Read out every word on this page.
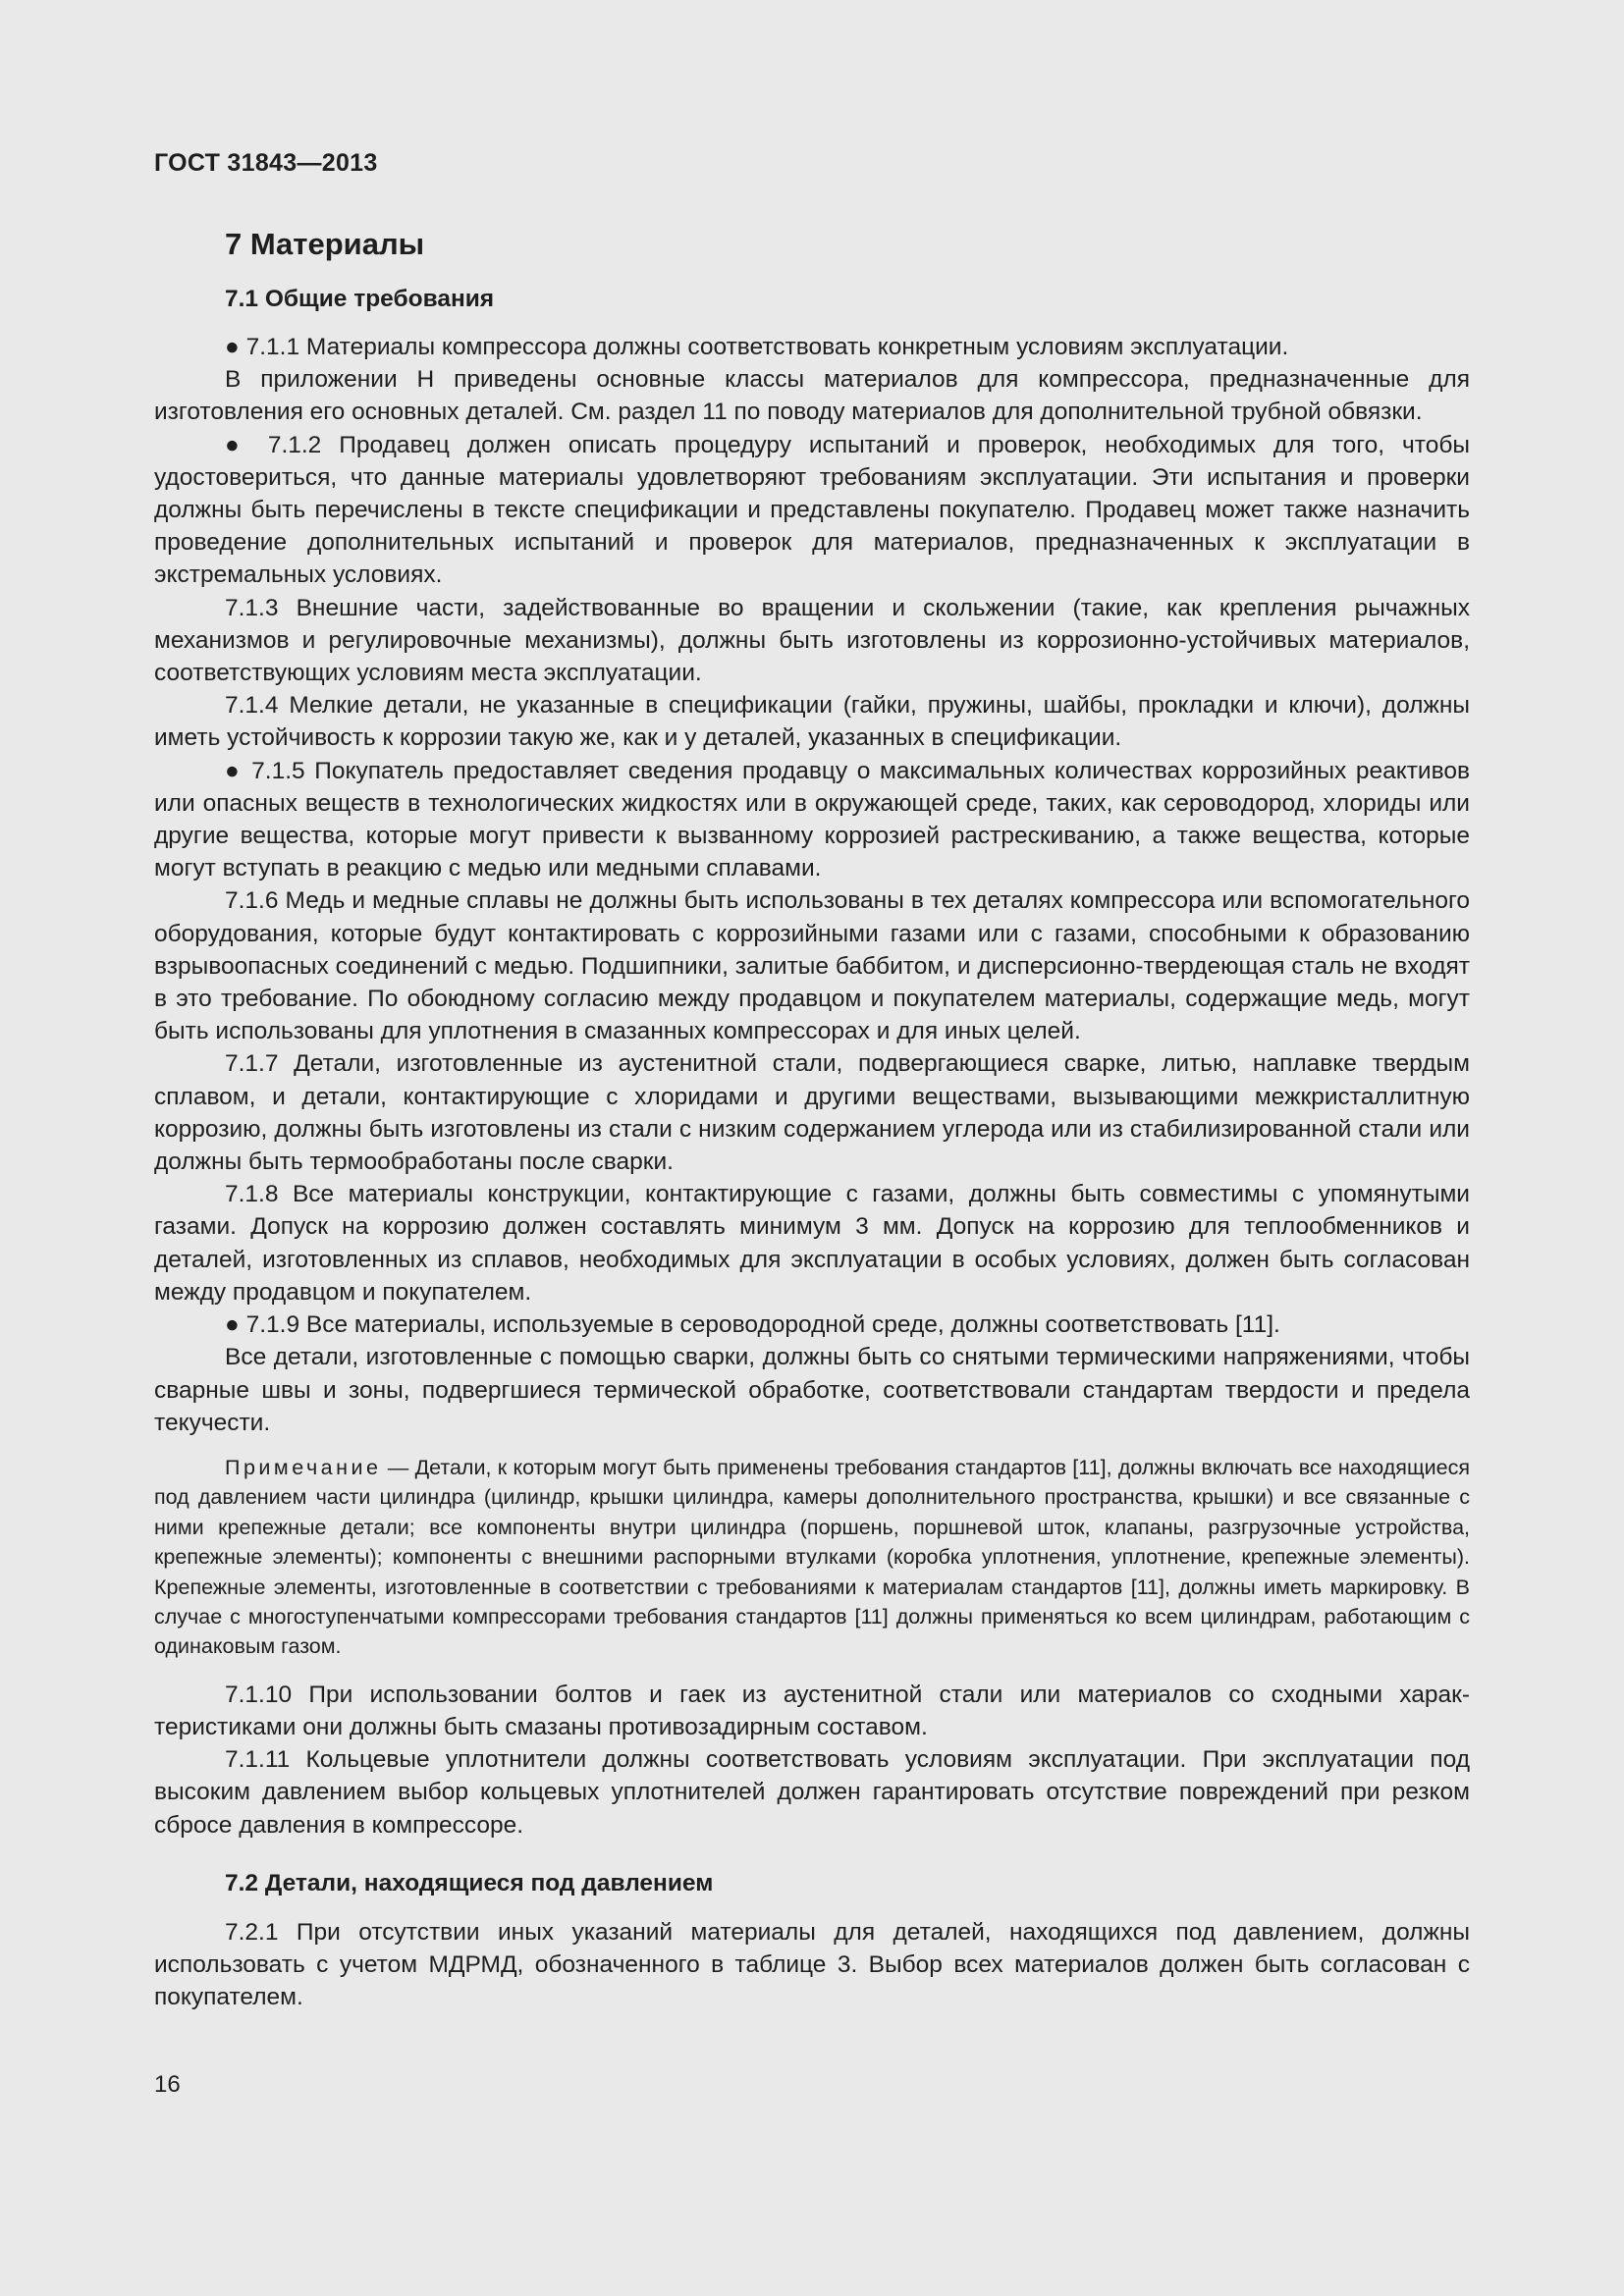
ГОСТ 31843—2013
7 Материалы
7.1 Общие требования

● 7.1.1 Материалы компрессора должны соответствовать конкретным условиям эксплуатации.

В приложении Н приведены основные классы материалов для компрессора, предназначенные для изготовления его основных деталей. См. раздел 11 по поводу материалов для дополнительной трубной обвязки.

● 7.1.2 Продавец должен описать процедуру испытаний и проверок, необходимых для того, чтобы удостовериться, что данные материалы удовлетворяют требованиям эксплуатации. Эти испытания и проверки должны быть перечислены в тексте спецификации и представлены покупателю. Продавец может также назначить проведение дополнительных испытаний и проверок для материалов, предназначенных к эксплуатации в экстремальных условиях.

7.1.3 Внешние части, задействованные во вращении и скольжении (такие, как крепления рычажных механизмов и регулировочные механизмы), должны быть изготовлены из коррозионно-устойчивых материалов, соответствующих условиям места эксплуатации.

7.1.4 Мелкие детали, не указанные в спецификации (гайки, пружины, шайбы, прокладки и ключи), должны иметь устойчивость к коррозии такую же, как и у деталей, указанных в спецификации.

● 7.1.5 Покупатель предоставляет сведения продавцу о максимальных количествах коррозийных реактивов или опасных веществ в технологических жидкостях или в окружающей среде, таких, как сероводород, хлориды или другие вещества, которые могут привести к вызванному коррозией растрескиванию, а также вещества, которые могут вступать в реакцию с медью или медными сплавами.

7.1.6 Медь и медные сплавы не должны быть использованы в тех деталях компрессора или вспомогательного оборудования, которые будут контактировать с коррозийными газами или с газами, способными к образованию взрывоопасных соединений с медью. Подшипники, залитые баббитом, и дисперсионно-твердеющая сталь не входят в это требование. По обоюдному согласию между продавцом и покупателем материалы, содержащие медь, могут быть использованы для уплотнения в смазанных компрессорах и для иных целей.

7.1.7 Детали, изготовленные из аустенитной стали, подвергающиеся сварке, литью, наплавке твердым сплавом, и детали, контактирующие с хлоридами и другими веществами, вызывающими межкристаллитную коррозию, должны быть изготовлены из стали с низким содержанием углерода или из стабилизированной стали или должны быть термообработаны после сварки.

7.1.8 Все материалы конструкции, контактирующие с газами, должны быть совместимы с упомянутыми газами. Допуск на коррозию должен составлять минимум 3 мм. Допуск на коррозию для теплообменников и деталей, изготовленных из сплавов, необходимых для эксплуатации в особых условиях, должен быть согласован между продавцом и покупателем.

● 7.1.9 Все материалы, используемые в сероводородной среде, должны соответствовать [11].

Все детали, изготовленные с помощью сварки, должны быть со снятыми термическими напряжениями, чтобы сварные швы и зоны, подвергшиеся термической обработке, соответствовали стандартам твердости и предела текучести.

Примечание — Детали, к которым могут быть применены требования стандартов [11], должны включать все находящиеся под давлением части цилиндра (цилиндр, крышки цилиндра, камеры дополнительного пространства, крышки) и все связанные с ними крепежные детали; все компоненты внутри цилиндра (поршень, поршневой шток, клапаны, разгрузочные устройства, крепежные элементы); компоненты с внешними распорными втулками (коробка уплотнения, уплотнение, крепежные элементы). Крепежные элементы, изготовленные в соответствии с требованиями к материалам стандартов [11], должны иметь маркировку. В случае с многоступенчатыми компрессорами требования стандартов [11] должны применяться ко всем цилиндрам, работающим с одинаковым газом.

7.1.10 При использовании болтов и гаек из аустенитной стали или материалов со сходными характеристиками они должны быть смазаны противозадирным составом.

7.1.11 Кольцевые уплотнители должны соответствовать условиям эксплуатации. При эксплуатации под высоким давлением выбор кольцевых уплотнителей должен гарантировать отсутствие повреждений при резком сбросе давления в компрессоре.

7.2 Детали, находящиеся под давлением

7.2.1 При отсутствии иных указаний материалы для деталей, находящихся под давлением, должны использовать с учетом МДРМД, обозначенного в таблице 3. Выбор всех материалов должен быть согласован с покупателем.

16
